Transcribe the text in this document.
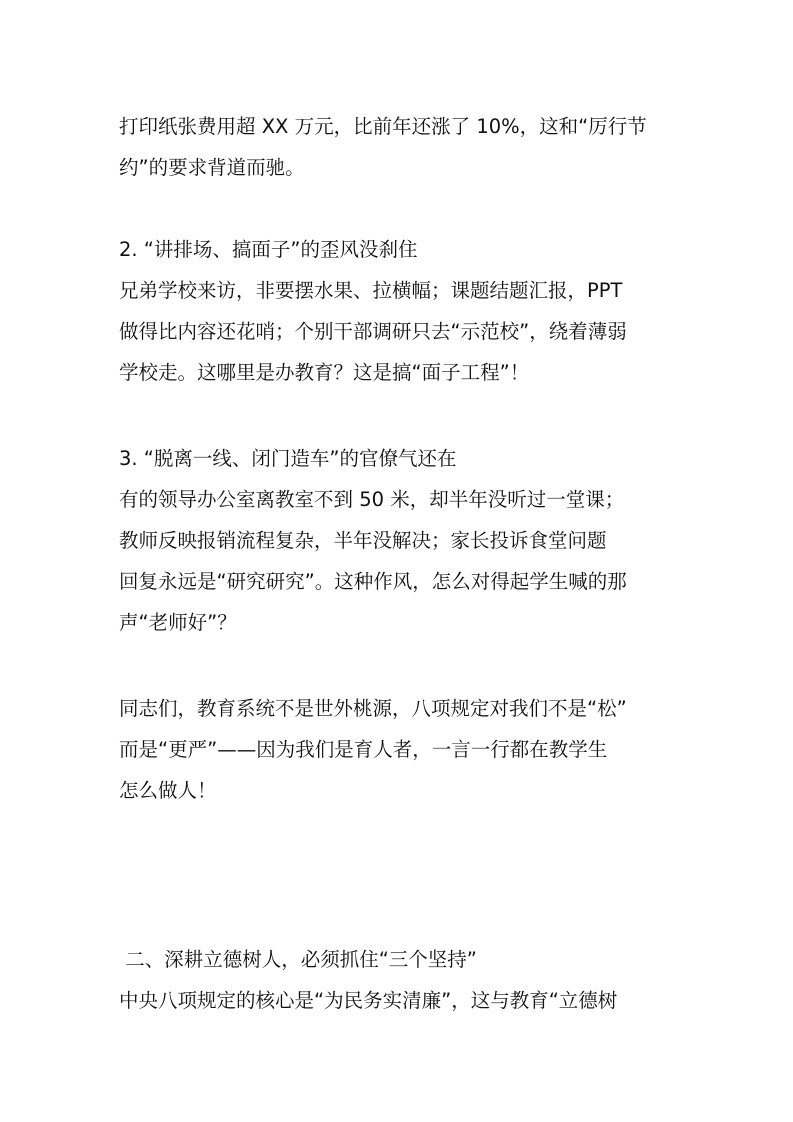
打印纸张费用超 XX 万元，比前年还涨了 10%，这和“厉行节
约”的要求背道而驰。
2. “讲排场、搞面子”的歪风没刹住
兄弟学校来访，非要摆水果、拉横幅；课题结题汇报，PPT
做得比内容还花哨；个别干部调研只去“示范校”，绕着薄弱
学校走。这哪里是办教育？这是搞“面子工程”！
3. “脱离一线、闭门造车”的官僚气还在
有的领导办公室离教室不到 50 米，却半年没听过一堂课；
教师反映报销流程复杂，半年没解决；家长投诉食堂问题
回复永远是“研究研究”。这种作风，怎么对得起学生喊的那
声“老师好”？
同志们，教育系统不是世外桃源，八项规定对我们不是“松”
而是“更严”——因为我们是育人者，一言一行都在教学生
怎么做人！
二、深耕立德树人，必须抓住“三个坚持”
中央八项规定的核心是“为民务实清廉”，这与教育“立德树
